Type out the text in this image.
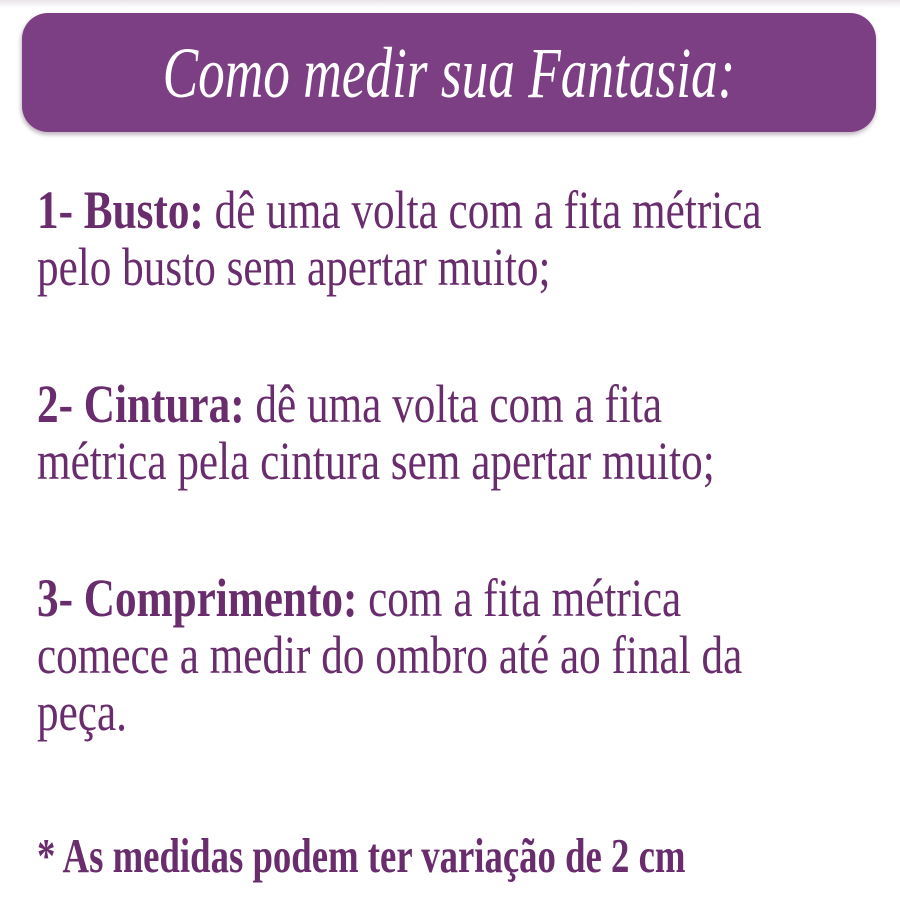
Como medir sua Fantasia:

1- Busto: dê uma volta com a fita métrica
pelo busto sem apertar muito;

2- Cintura: dê uma volta com a fita
métrica pela cintura sem apertar muito;

3- Comprimento: com a fita métrica
comece a medir do ombro até ao final da
peça.

* As medidas podem ter variação de 2 cm
